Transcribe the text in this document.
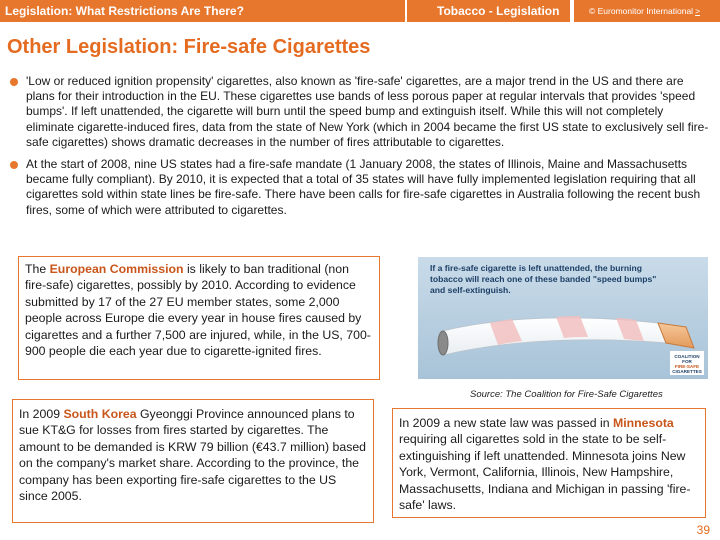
Legislation: What Restrictions Are There?	Tobacco - Legislation	© Euromonitor International >
Other Legislation: Fire-safe Cigarettes
'Low or reduced ignition propensity' cigarettes, also known as 'fire-safe' cigarettes, are a major trend in the US and there are plans for their introduction in the EU. These cigarettes use bands of less porous paper at regular intervals that provides 'speed bumps'. If left unattended, the cigarette will burn until the speed bump and extinguish itself. While this will not completely eliminate cigarette-induced fires, data from the state of New York (which in 2004 became the first US state to exclusively sell fire-safe cigarettes) shows dramatic decreases in the number of fires attributable to cigarettes.
At the start of 2008, nine US states had a fire-safe mandate (1 January 2008, the states of Illinois, Maine and Massachusetts became fully compliant). By 2010, it is expected that a total of 35 states will have fully implemented legislation requiring that all cigarettes sold within state lines be fire-safe. There have been calls for fire-safe cigarettes in Australia following the recent bush fires, some of which were attributed to cigarettes.
The European Commission is likely to ban traditional (non fire-safe) cigarettes, possibly by 2010. According to evidence submitted by 17 of the 27 EU member states, some 2,000 people across Europe die every year in house fires caused by cigarettes and a further 7,500 are injured, while, in the US, 700-900 people die each year due to cigarette-ignited fires.
If a fire-safe cigarette is left unattended, the burning
tobacco will reach one of these banded "speed bumps"
and self-extinguish.
COALITION
FOR
FIRE-SAFE
CIGARETTES
Source: The Coalition for Fire-Safe Cigarettes
In 2009 South Korea Gyeonggi Province announced plans to sue KT&G for losses from fires started by cigarettes. The amount to be demanded is KRW 79 billion (€43.7 million) based on the company's market share. According to the province, the company has been exporting fire-safe cigarettes to the US since 2005.
In 2009 a new state law was passed in Minnesota requiring all cigarettes sold in the state to be self-extinguishing if left unattended. Minnesota joins New York, Vermont, California, Illinois, New Hampshire, Massachusetts, Indiana and Michigan in passing 'fire-safe' laws.
39
